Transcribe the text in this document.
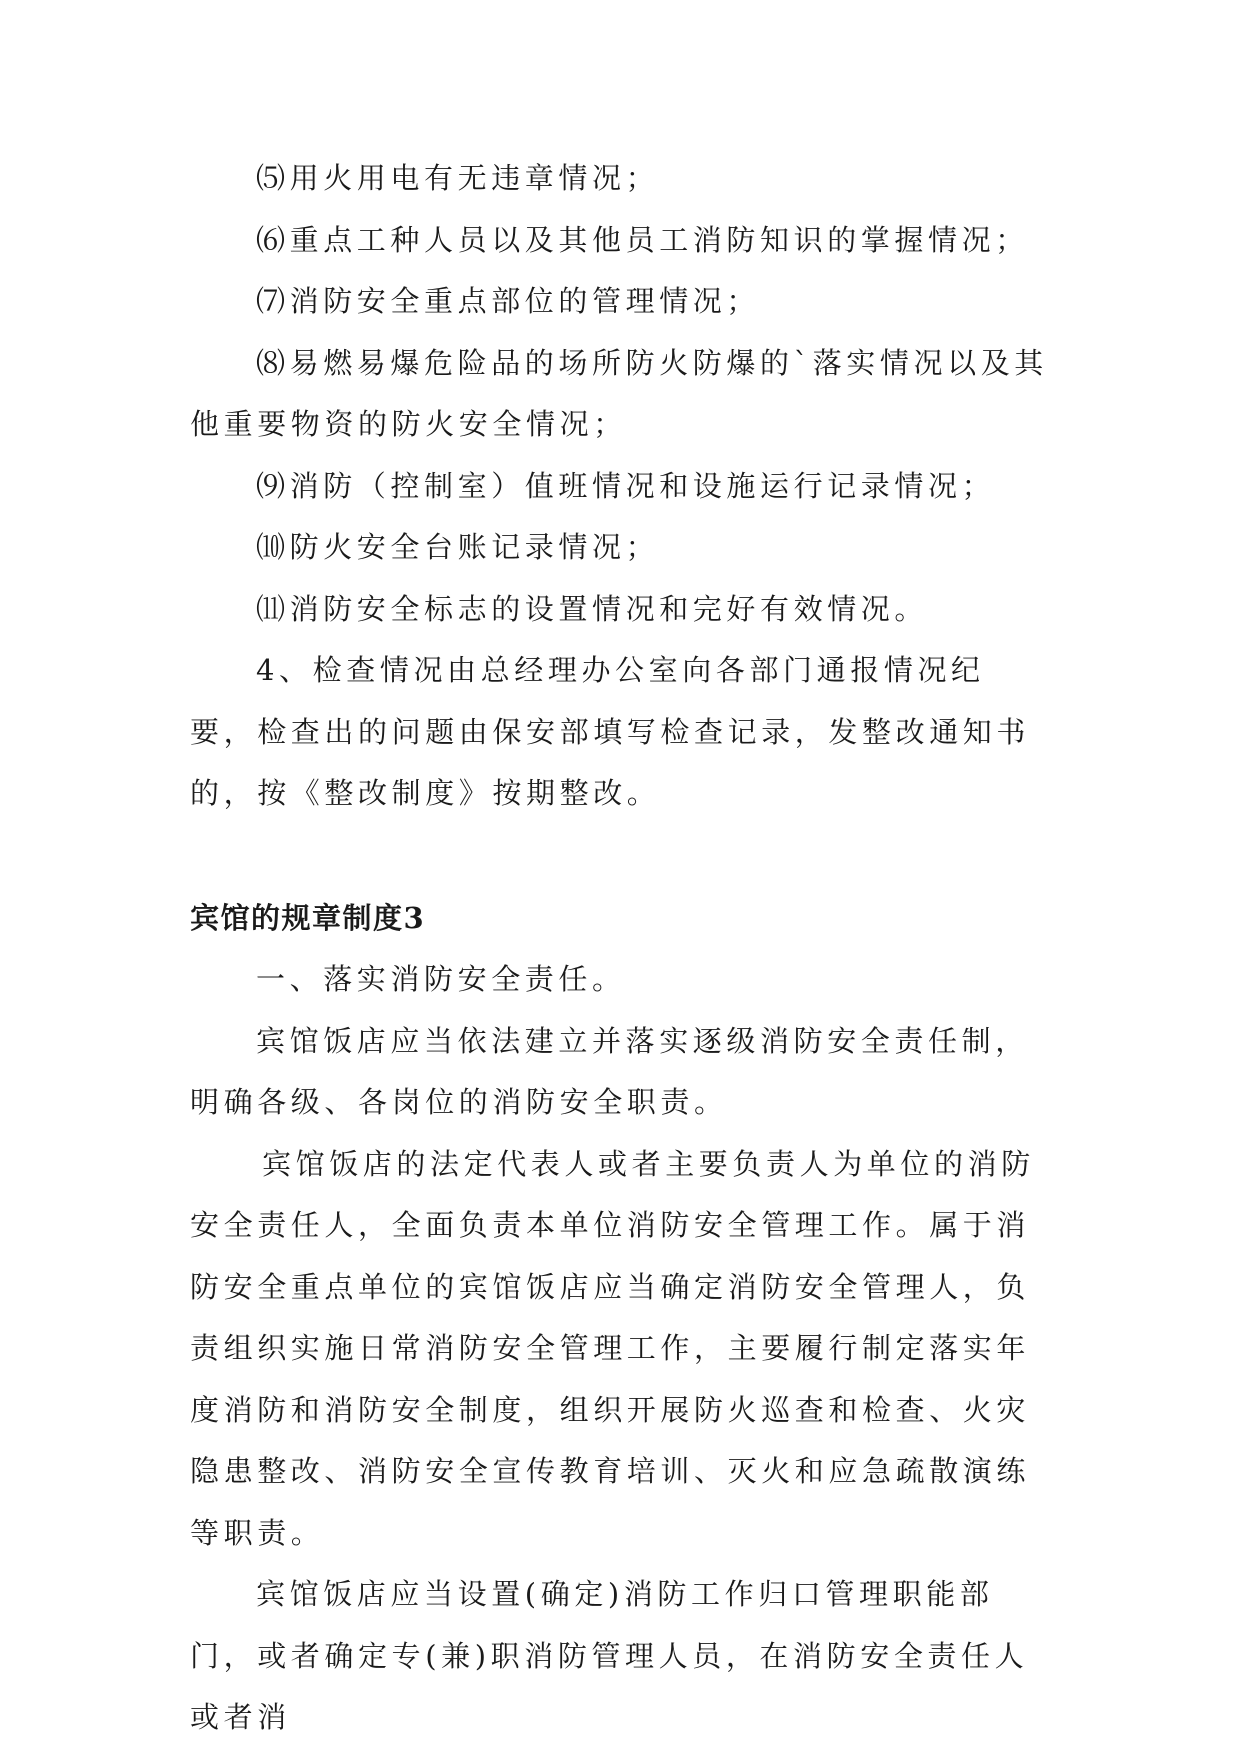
⑸用火用电有无违章情况；

⑹重点工种人员以及其他员工消防知识的掌握情况；

⑺消防安全重点部位的管理情况；

⑻易燃易爆危险品的场所防火防爆的`落实情况以及其他重要物资的防火安全情况；

⑼消防（控制室）值班情况和设施运行记录情况；

⑽防火安全台账记录情况；

⑾消防安全标志的设置情况和完好有效情况。

4、检查情况由总经理办公室向各部门通报情况纪要，检查出的问题由保安部填写检查记录，发整改通知书的，按《整改制度》按期整改。

宾馆的规章制度3

一、落实消防安全责任。

宾馆饭店应当依法建立并落实逐级消防安全责任制，明确各级、各岗位的消防安全职责。

宾馆饭店的法定代表人或者主要负责人为单位的消防安全责任人，全面负责本单位消防安全管理工作。属于消防安全重点单位的宾馆饭店应当确定消防安全管理人，负责组织实施日常消防安全管理工作，主要履行制定落实年度消防和消防安全制度，组织开展防火巡查和检查、火灾隐患整改、消防安全宣传教育培训、灭火和应急疏散演练等职责。

宾馆饭店应当设置(确定)消防工作归口管理职能部门，或者确定专(兼)职消防管理人员，在消防安全责任人或者消
